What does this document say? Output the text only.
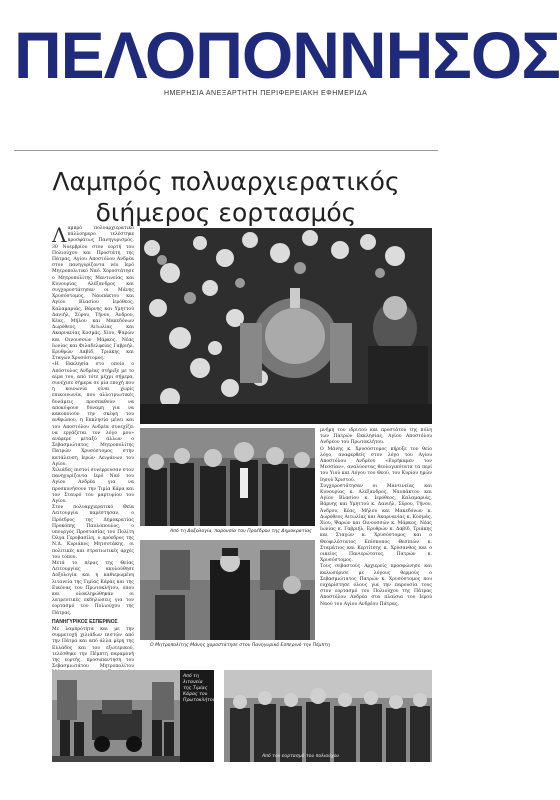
ΠΕΛΟΠΟΝΝΗΣΟΣ
ΗΜΕΡΗΣΙΑ ΑΝΕΞΑΡΤΗΤΗ ΠΕΡΙΦΕΡΕΙΑΚΗ ΕΦΗΜΕΡΙΔΑ
Λαμπρός πολυαρχιερατικός
διήμερος εορτασμός
Λ αμπρό πολυαρχιερατικό πάλλοημερο τελέστηκε προσφάτως Πανηγυρισμός. 30 Νοεμβρίου στον εορτή του Πολιούχου και Προστάτη της Πάτρας, Αγίου Αποστόλου Ανδρέα στον πανηγυρίζοντα νέο Ιερό Μητροπολιτικό Ναό. Χοροστάτησε ο Μητροπολίτης Μαντινείας και Κυνουρίας Αλέξανδρος και συγχοροστάτησαν οι Μάνης Χρυσόστομος, Ναυπάκτου και Αγίου Βλασίου Ιερόθεος, Καλαμαριάς, Βάρνης και Υμηττού Δανιήλ, Σύρου, Τήνου, Άνδρου, Κέας, Μήλου και Μακεδόνων Δωρόθεος, Αιτωλίας και Ακαρνανίας Κοσμάς, Χίου, Ψαρών και Οινουσσών Μάρκος, Νέας Ιωνίας και Φιλαδελφείας Γαβριήλ, Ερυθρών Δαβίδ, Τριάκης και Σταγών Χρυσόστομος.
«Η Εκκλησία στο οποίο ο Απόστολος Ανδρέας στήριξε με το αίμα του, από τότε μέχρι σήμερα, συνέχισε σήμερα σε μία εποχή που η κοινωνία είναι χωρίς επικοινωνία, που αλλοτριωτικές δυνάμεις προσπαθούν να αποκόψουν δύναμη για να κακοποιούν την σκέψη του ανθρώπου, η Εκκλησία μένει και του Αποστόλου Ανδρέα συνεχίζει να εργάζεται τον λόγο μου» ανέφερε μεταξύ άλλων ο Σεβασμιώτατος Μητροπολίτης Πατρών Χρυσόστομος στην κατάλευση Ιερών Λειψάνων του Αγίου.
Χιλιάδες πιστοί συνέρρευσαν στον πανηγυρίζοντα Ιερό Ναό του Αγίου Ανδρέα για να προσκυνήσουν την Τιμία Κάρα και τον Σταυρό του μαρτυρίου του Αγίου.
Στον πολυαρχιερατικό Θεία Λειτουργία παρέστησαν, ο Πρόεδρος της Δημοκρατίας Προκόπης Παυλόπουλος, ο υπουργός Προστασίας του Πολίτη Όλγα Γεροβασίλη, ο πρόεδρος της Ν.Δ. Κυριάκος Μητσοτάκης, οι πολιτικές και στρατιωτικές αρχές του τόπου.
Μετά το πέρας της Θείας Λειτουργίας ακολούθησε Δοξολογία και η καθιερωμένη λιτανεία της Τιμίας Κάρας και της Εικόνας του Πρωτοκλήτου, όπου και ολοκληρώθηκαν οι λατρευτικές εκδηλώσεις για τον εορτασμό του Πολιούχου της Πάτρας.
ΠΑΝΗΓΥΡΙΚΟΣ ΕΣΠΕΡΙΝΟΣ
Με λαμπρότητα και με την συμμετοχή χιλιάδων πιστών από την Πάτρα και από άλλα μέρη της Ελλάδος και του εξωτερικού, τελέσθηκε την Πέμπτη παραμονή της εορτής, προσυπαντηση του Σεβασμιωτάτου Μητροπολίτου
Από τη Δοξολογία, παρουσία του Προέδρου της Δημοκρατίας
μνήμη του ιδρυτού και προστάτου της πόλη των Πατρών Εκκλησίας, Αγίου Αποστόλου Ανδρέου του Πρωτοκλήτου.
Ο Μάνης κ. Χρυσόστομος κήρυξε τον θείο λόγο, αναφερθείς στον λόγο του Αγίου Αποστόλου Ανδρέου «Ευρήκαμεν τον Μεσσίαν», αναλύοντας θεολογικότατα τα περί του Υιού και Λόγου του Θεού, του Κυρίου ημών Ιησού Χριστού.
Συγχοροστάτησαν οι Μαντινείας και Κυνουρίας κ. Αλέξανδρος, Ναυπάκτου και Αγίου Βλασίου κ. Ιερόθεος, Καλαμαριάς, Βάρνης και Υμηττού κ. Δανιήλ, Σύρου, Τήνου, Άνδρου, Κέας, Μήλου και Μακεδόνων κ. Δωρόθεος Αιτωλίας και Ακαρνανίας κ. Κοσμάς, Χίου, Ψαρών και Οινουσσών κ. Μάρκος, Νέας Ιωνίας κ. Γαβριήλ, Ερυθρών κ. Δαβίδ, Τριάκης και Σταγών κ. Χρυσόστομος και ο Θεοφιλέστατος Επίσκοπος Θεσπιών κ. Σταμάτιος και Κερτίτσης κ. Χρύσανθος και ο οικείος Πανιερώτατος, Πατρών κ. Χρυσόστομος.
Τους σεβαστούς Αρχιερείς προσφώνησε και καλωσόρισε με λόγους θερμούς ο Σεβασμιώτατος Πατρών κ. Χρυσόστομος που ευχαρίστησε όλους για την παρουσία τους στον εορτασμό του Πολιούχου της Πάτρας Αποστόλου Ανδρέα στα πλαίσια του Ιερού Ναού του Αγίου Ανδρέου Πάτρας.
Ο Μητροπολίτης Μάνης χοροστάτησε στον Πανηγυρικό Εσπερινό την Πέμπτη
Από τη λιτανεία της Τιμίας Κάρας του Πρωτοκλήτου
Από τον εορτασμό του πολιούχου
